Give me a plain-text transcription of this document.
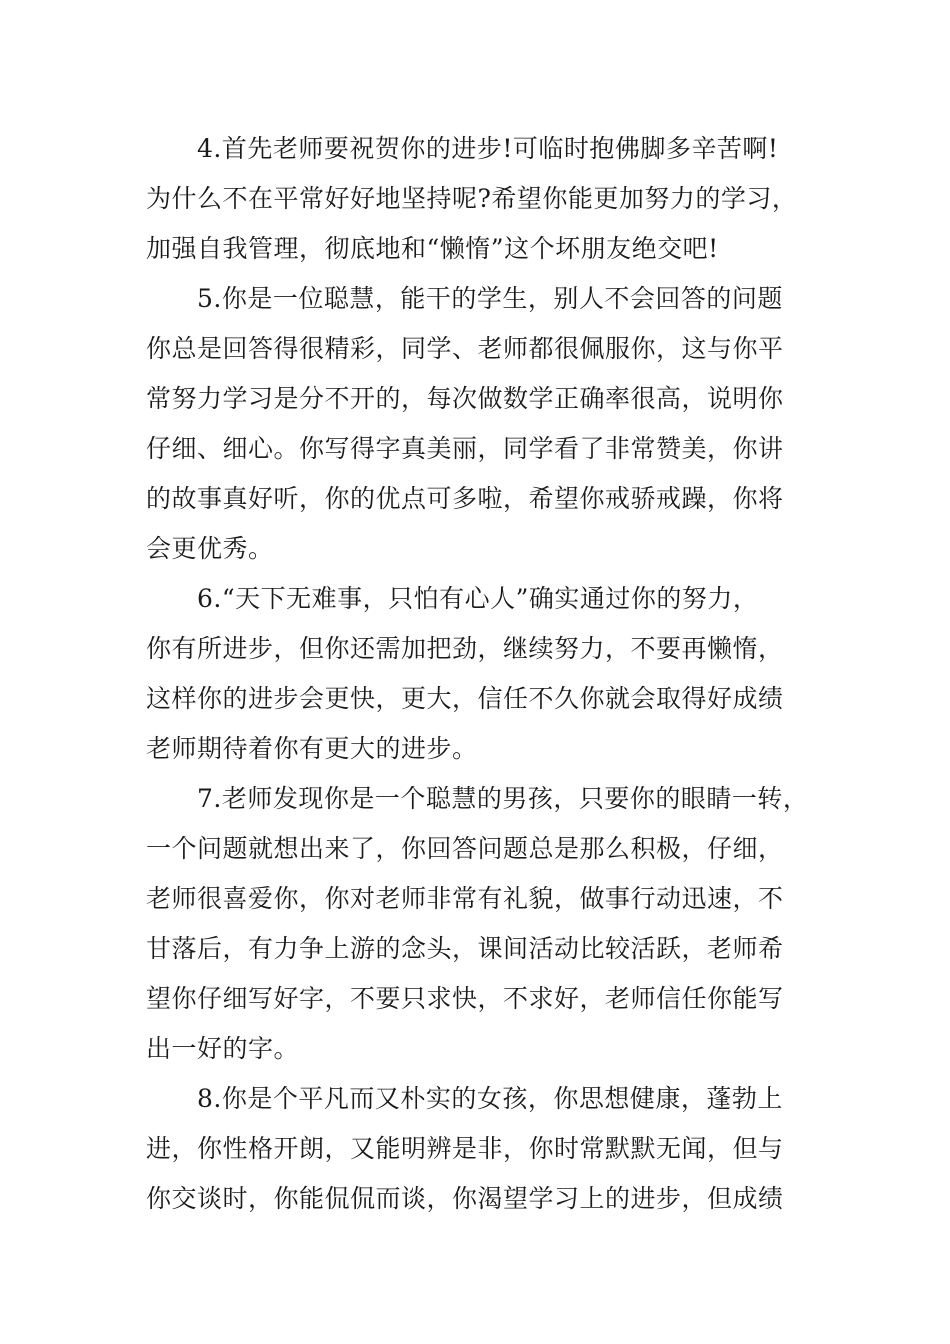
4.首先老师要祝贺你的进步!可临时抱佛脚多辛苦啊!
为什么不在平常好好地坚持呢?希望你能更加努力的学习，
加强自我管理，彻底地和“懒惰”这个坏朋友绝交吧!
5.你是一位聪慧，能干的学生，别人不会回答的问题
你总是回答得很精彩，同学、老师都很佩服你，这与你平
常努力学习是分不开的，每次做数学正确率很高，说明你
仔细、细心。你写得字真美丽，同学看了非常赞美，你讲
的故事真好听，你的优点可多啦，希望你戒骄戒躁，你将
会更优秀。
6.“天下无难事，只怕有心人”确实通过你的努力，
你有所进步，但你还需加把劲，继续努力，不要再懒惰，
这样你的进步会更快，更大，信任不久你就会取得好成绩
老师期待着你有更大的进步。
7.老师发现你是一个聪慧的男孩，只要你的眼睛一转，
一个问题就想出来了，你回答问题总是那么积极，仔细，
老师很喜爱你，你对老师非常有礼貌，做事行动迅速，不
甘落后，有力争上游的念头，课间活动比较活跃，老师希
望你仔细写好字，不要只求快，不求好，老师信任你能写
出一好的字。
8.你是个平凡而又朴实的女孩，你思想健康，蓬勃上
进，你性格开朗，又能明辨是非，你时常默默无闻，但与
你交谈时，你能侃侃而谈，你渴望学习上的进步，但成绩
